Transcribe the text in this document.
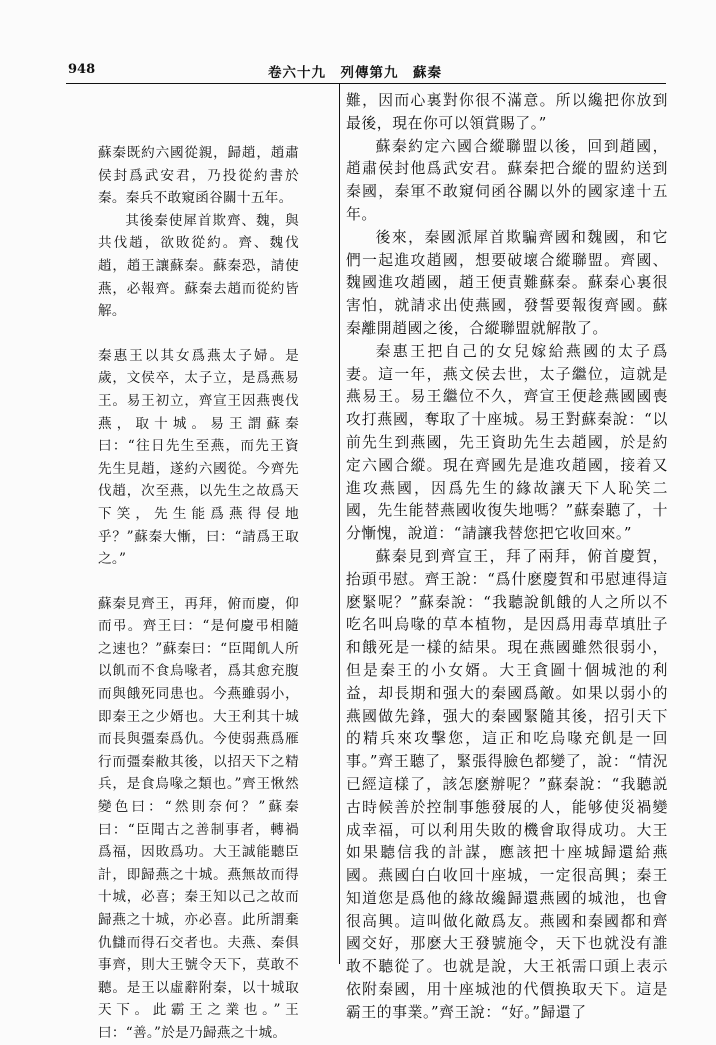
948	卷六十九　列傳第九　蘇秦

蘇秦既約六國從親，歸趙，趙肅侯封爲武安君，乃投從約書於秦。秦兵不敢窺函谷關十五年。

其後秦使犀首欺齊、魏，與共伐趙，欲敗從約。齊、魏伐趙，趙王讓蘇秦。蘇秦恐，請使燕，必報齊。蘇秦去趙而從約皆解。

秦惠王以其女爲燕太子婦。是歲，文侯卒，太子立，是爲燕易王。易王初立，齊宣王因燕喪伐燕，取十城。易王謂蘇秦曰：“往日先生至燕，而先王資先生見趙，遂約六國從。今齊先伐趙，次至燕，以先生之故爲天下笑，先生能爲燕得侵地乎？”蘇秦大慚，曰：“請爲王取之。”

蘇秦見齊王，再拜，俯而慶，仰而弔。齊王曰：“是何慶弔相隨之速也？”蘇秦曰：“臣聞飢人所以飢而不食烏喙者，爲其愈充腹而與餓死同患也。今燕雖弱小，即秦王之少婿也。大王利其十城而長與彊秦爲仇。今使弱燕爲雁行而彊秦敝其後，以招天下之精兵，是食烏喙之類也。”齊王愀然變色曰：“然則奈何？”蘇秦曰：“臣聞古之善制事者，轉禍爲福，因敗爲功。大王誠能聽臣計，即歸燕之十城。燕無故而得十城，必喜；秦王知以己之故而歸燕之十城，亦必喜。此所謂棄仇讎而得石交者也。夫燕、秦俱事齊，則大王號令天下，莫敢不聽。是王以虛辭附秦，以十城取天下。此霸王之業也。”王曰：“善。”於是乃歸燕之十城。

難，因而心裏對你很不滿意。所以纔把你放到最後，現在你可以領賞賜了。”

蘇秦約定六國合縱聯盟以後，回到趙國，趙肅侯封他爲武安君。蘇秦把合縱的盟約送到秦國，秦軍不敢窺伺函谷關以外的國家達十五年。

後來，秦國派犀首欺騙齊國和魏國，和它們一起進攻趙國，想要破壞合縱聯盟。齊國、魏國進攻趙國，趙王便責難蘇秦。蘇秦心裏很害怕，就請求出使燕國，發誓要報復齊國。蘇秦離開趙國之後，合縱聯盟就解散了。

秦惠王把自己的女兒嫁給燕國的太子爲妻。這一年，燕文侯去世，太子繼位，這就是燕易王。易王繼位不久，齊宣王便趁燕國國喪攻打燕國，奪取了十座城。易王對蘇秦說：“以前先生到燕國，先王資助先生去趙國，於是約定六國合縱。現在齊國先是進攻趙國，接着又進攻燕國，因爲先生的緣故讓天下人恥笑二國，先生能替燕國收復失地嗎？”蘇秦聽了，十分慚愧，說道：“請讓我替您把它收回來。”

蘇秦見到齊宣王，拜了兩拜，俯首慶賀，抬頭弔慰。齊王說：“爲什麽慶賀和弔慰連得這麽緊呢？”蘇秦說：“我聽說飢餓的人之所以不吃名叫烏喙的草本植物，是因爲用毒草填肚子和餓死是一樣的結果。現在燕國雖然很弱小，但是秦王的小女婿。大王貪圖十個城池的利益，却長期和强大的秦國爲敵。如果以弱小的燕國做先鋒，强大的秦國緊隨其後，招引天下的精兵來攻擊您，這正和吃烏喙充飢是一回事。”齊王聽了，緊張得臉色都變了，說：“情況已經這樣了，該怎麽辦呢？”蘇秦說：“我聽説古時候善於控制事態發展的人，能够使災禍變成幸福，可以利用失敗的機會取得成功。大王如果聽信我的計謀，應該把十座城歸還給燕國。燕國白白收回十座城，一定很高興；秦王知道您是爲他的緣故纔歸還燕國的城池，也會很高興。這叫做化敵爲友。燕國和秦國都和齊國交好，那麽大王發號施令，天下也就没有誰敢不聽從了。也就是說，大王祇需口頭上表示依附秦國，用十座城池的代價换取天下。這是霸王的事業。”齊王說：“好。”歸還了
